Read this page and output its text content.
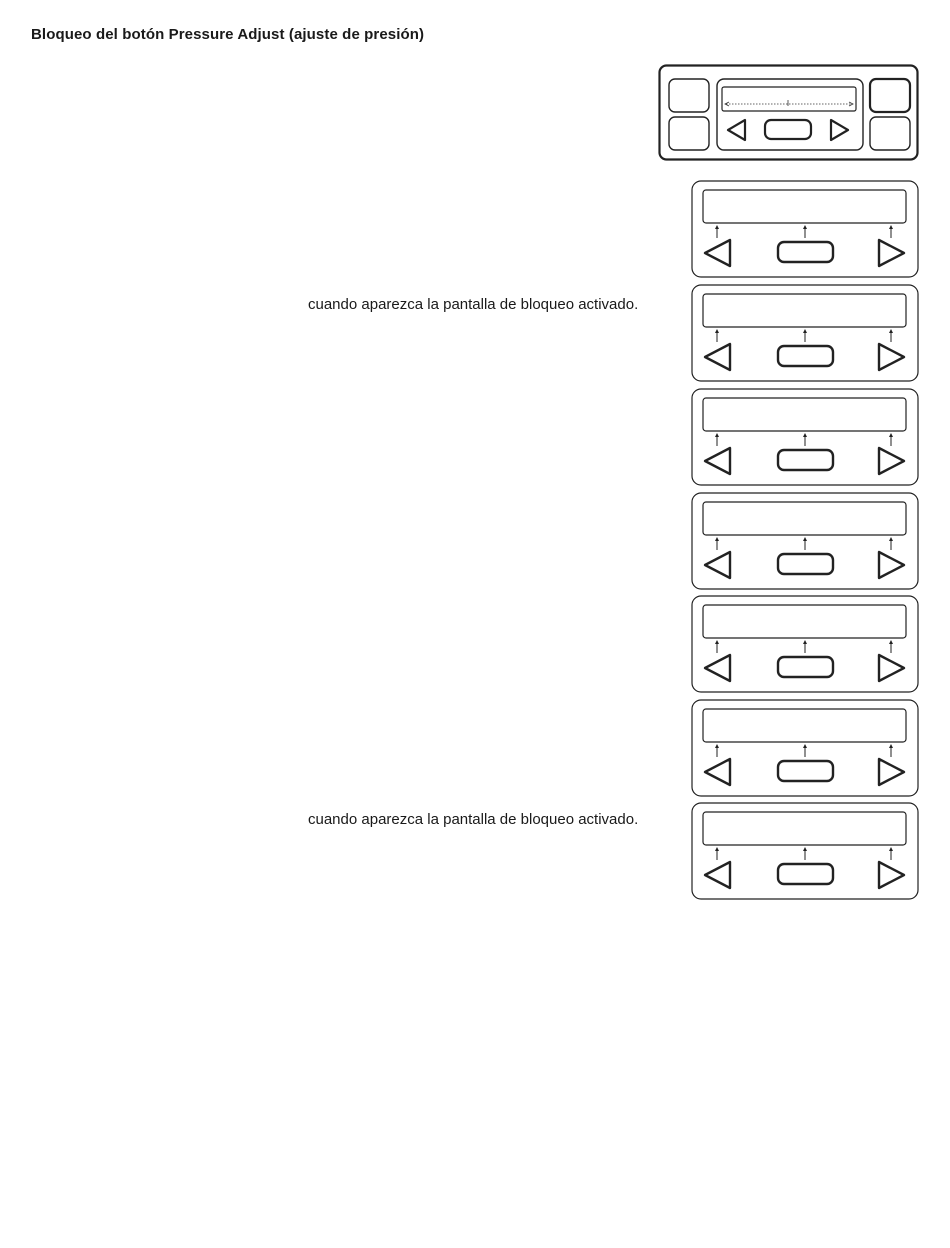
Bloqueo del botón Pressure Adjust (ajuste de presión)
cuando aparezca la pantalla de bloqueo activado.
cuando aparezca la pantalla de bloqueo activado.
